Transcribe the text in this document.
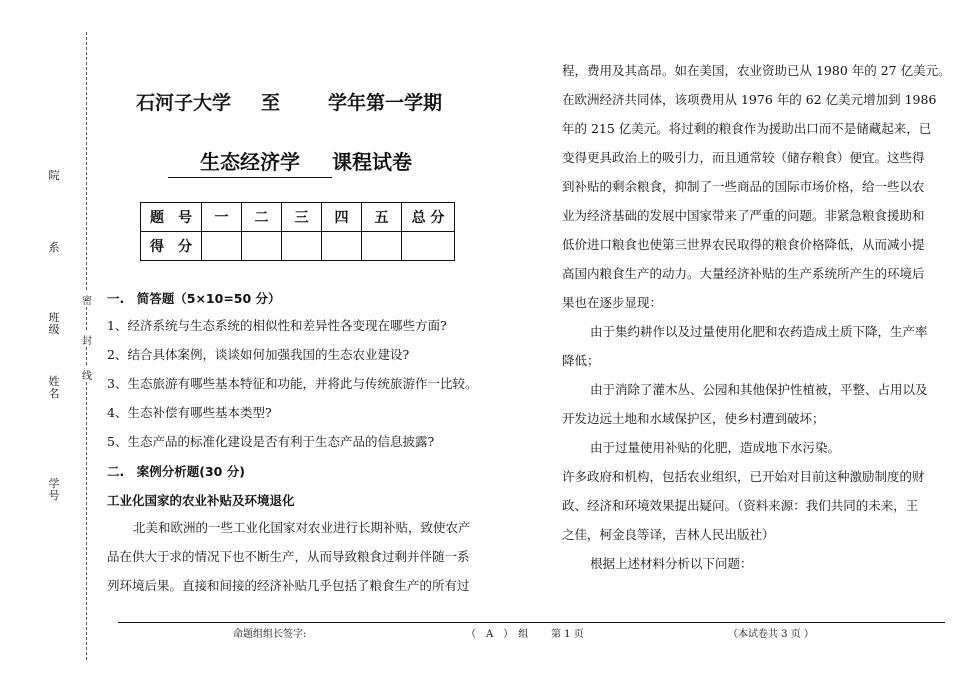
院
系
班级
姓名
学号
密
封
线
石河子大学 至	学年第一学期
生态经济学 课程试卷
题　号	一	二	三	四	五	总 分
得　分						
一.　简答题（5×10=50 分）
1、经济系统与生态系统的相似性和差异性各变现在哪些方面?
2、结合具体案例，谈谈如何加强我国的生态农业建设?
3、生态旅游有哪些基本特征和功能，并将此与传统旅游作一比较。
4、生态补偿有哪些基本类型?
5、生态产品的标准化建设是否有利于生态产品的信息披露?
二.　案例分析题(30 分)
工业化国家的农业补贴及环境退化
北美和欧洲的一些工业化国家对农业进行长期补贴，致使农产
品在供大于求的情况下也不断生产，从而导致粮食过剩并伴随一系
列环境后果。直接和间接的经济补贴几乎包括了粮食生产的所有过
程，费用及其高昂。如在美国，农业资助已从 1980 年的 27 亿美元。
在欧洲经济共同体，该项费用从 1976 年的 62 亿美元增加到 1986
年的 215 亿美元。将过剩的粮食作为援助出口而不是储藏起来，已
变得更具政治上的吸引力，而且通常较（储存粮食）便宜。这些得
到补贴的剩余粮食，抑制了一些商品的国际市场价格，给一些以农
业为经济基础的发展中国家带来了严重的问题。非紧急粮食援助和
低价进口粮食也使第三世界农民取得的粮食价格降低，从而减小提
高国内粮食生产的动力。大量经济补贴的生产系统所产生的环境后
果也在逐步显现：
由于集约耕作以及过量使用化肥和农药造成土质下降，生产率
降低；
由于消除了灌木丛、公园和其他保护性植被，平整、占用以及
开发边远土地和水域保护区，使乡村遭到破坏；
由于过量使用补贴的化肥，造成地下水污染。
许多政府和机构，包括农业组织，已开始对目前这种激励制度的财
政、经济和环境效果提出疑问。（资料来源：我们共同的未来，王
之佳，柯金良等译，吉林人民出版社）
根据上述材料分析以下问题：
命题组组长签字:	（　A　）　组 第 1 页	（本试卷共 3 页 ）
